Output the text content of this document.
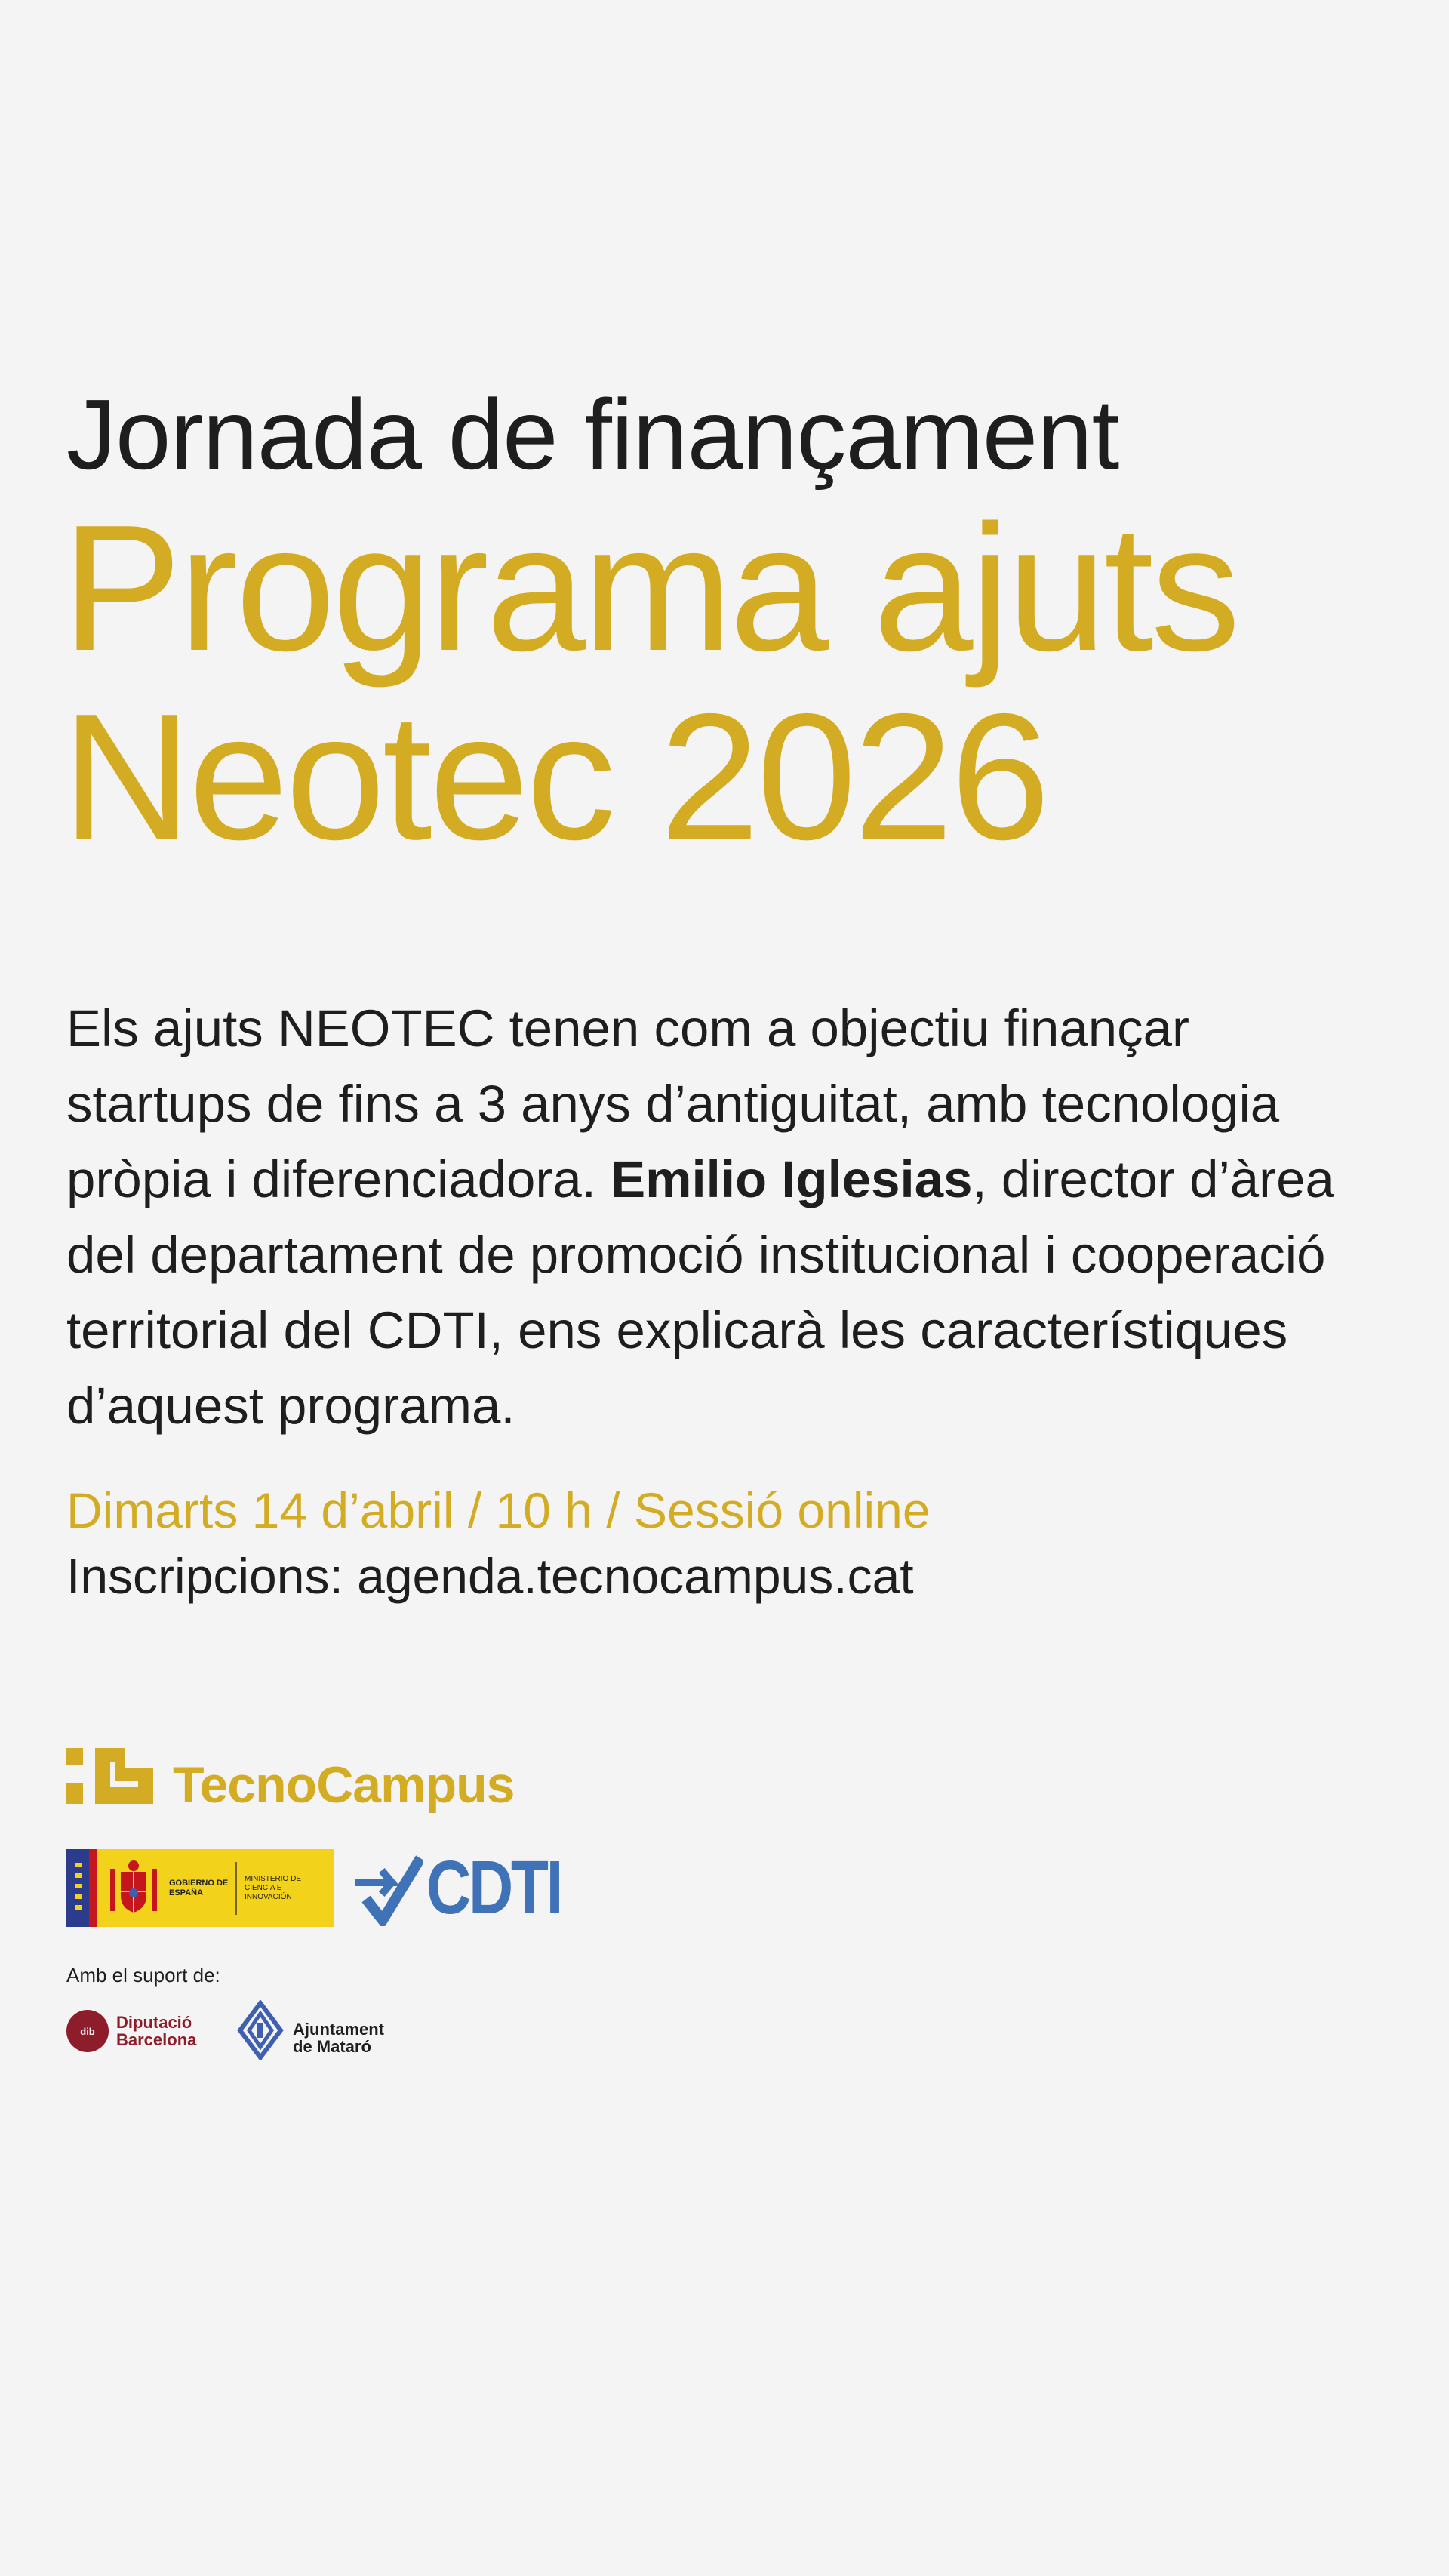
Jornada de finançament
Programa ajuts
Neotec 2026
Els ajuts NEOTEC tenen com a objectiu finançar startups de fins a 3 anys d’antiguitat, amb tecnologia pròpia i diferenciadora. Emilio Iglesias, director d’àrea del departament de promoció institucional i cooperació territorial del CDTI, ens explicarà les característiques d’aquest programa.
Dimarts 14 d’abril / 10 h / Sessió online
Inscripcions: agenda.tecnocampus.cat
TecnoCampus
GOBIERNO DE ESPAÑA
MINISTERIO DE CIENCIA E INNOVACIÓN	CDTI
Amb el suport de:
dib	Diputació
Barcelona
Ajuntament
de Mataró
